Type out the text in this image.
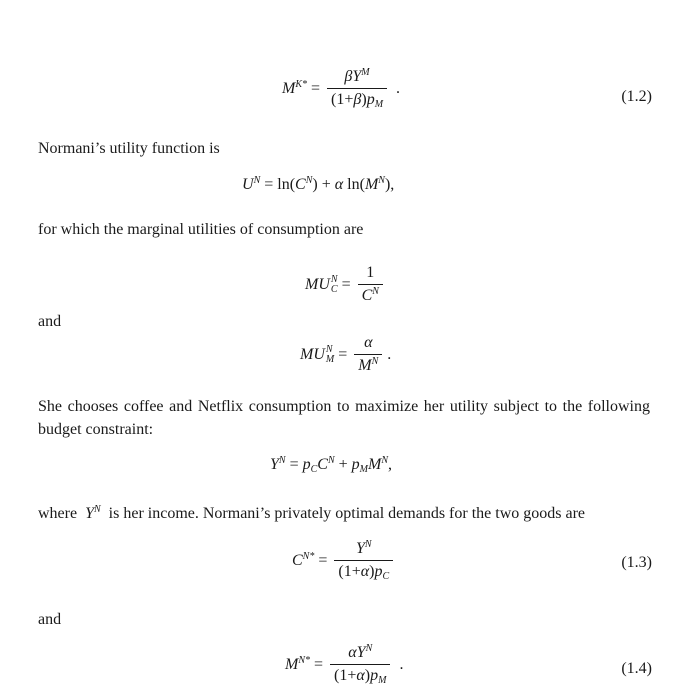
$M^{K*} = \frac{\beta Y^M}{(1+\beta)p_M}$ .	(1.2)
Normani’s utility function is
$U^N = \ln$( $C^N$ ) + α
ln( $M^N$ ),
for which the marginal utilities of consumption are
MU N
$C = \frac{1}{C^N}$
and
MU N
$M = \frac{\alpha}{M^N}$ .
She chooses coffee and Netflix consumption to maximize her utility subject to the following budget constraint:
$Y^N = p_CC^N + p_MM^N$ ,
where  $Y^N$ is her income. Normani’s privately optimal demands for the two goods are
$C^{N*} = \frac{Y^N}{(1+\alpha)p_C}$	(1.3)
and
$M^{N*} = \frac{\alpha Y^N}{(1+\alpha)p_M}$ .	(1.4)
